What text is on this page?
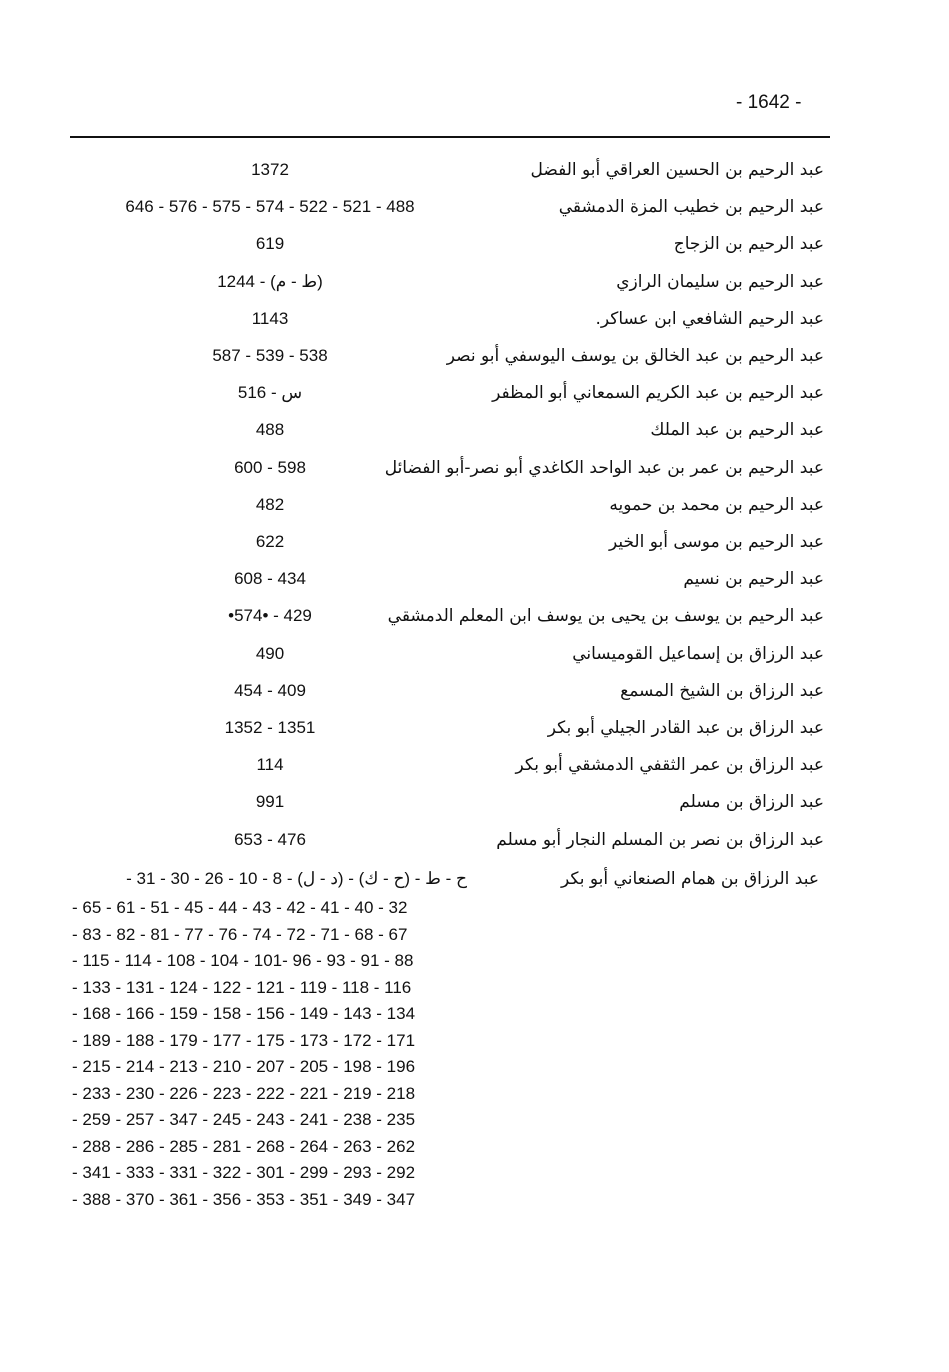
- 1642 -
عبد الرحيم بن الحسين العراقي أبو الفضل
1372
عبد الرحيم بن خطيب المزة الدمشقي
488 - 521 - 522 - 574 - 575 - 576 - 646
عبد الرحيم بن الزجاج
619
عبد الرحيم بن سليمان الرازي
(ط - م) - 1244
عبد الرحيم الشافعي ابن عساكر.
1143
عبد الرحيم بن عبد الخالق بن يوسف اليوسفي أبو نصر
538 - 539 - 587
عبد الرحيم بن عبد الكريم السمعاني أبو المظفر
س - 516
عبد الرحيم بن عبد الملك
488
عبد الرحيم بن عمر بن عبد الواحد الكاغدي أبو نصر-أبو الفضائل
598 - 600
عبد الرحيم بن محمد بن حمويه
482
عبد الرحيم بن موسى أبو الخير
622
عبد الرحيم بن نسيم
434 - 608
عبد الرحيم بن يوسف بن يحيى بن يوسف ابن المعلم الدمشقي
429 - •574•
عبد الرزاق بن إسماعيل القوميساني
490
عبد الرزاق بن الشيخ المسمع
409 - 454
عبد الرزاق بن عبد القادر الجيلي أبو بكر
1351 - 1352
عبد الرزاق بن عمر الثقفي الدمشقي أبو بكر
114
عبد الرزاق بن مسلم
991
عبد الرزاق بن نصر بن المسلم النجار أبو مسلم
476 - 653
عبد الرزاق بن همام الصنعاني أبو بكر
ح - ط - (ح - ك) - (د - ل) - 8 - 10 - 26 - 30 - 31 -
- 65 - 61 - 51 - 45 - 44 - 43 - 42 - 41 - 40 - 32
- 83 - 82 - 81 - 77 - 76 - 74 - 72 - 71 - 68 - 67
- 115 - 114 - 108 - 104 - 101- 96 - 93 - 91 - 88
- 133 - 131 - 124 - 122 - 121 - 119 - 118 - 116
- 168 - 166 - 159 - 158 - 156 - 149 - 143 - 134
- 189 - 188 - 179 - 177 - 175 - 173 - 172 - 171
- 215 - 214 - 213 - 210 - 207 - 205 - 198 - 196
- 233 - 230 - 226 - 223 - 222 - 221 - 219 - 218
- 259 - 257 - 347 - 245 - 243 - 241 - 238 - 235
- 288 - 286 - 285 - 281 - 268 - 264 - 263 - 262
- 341 - 333 - 331 - 322 - 301 - 299 - 293 - 292
- 388 - 370 - 361 - 356 - 353 - 351 - 349 - 347
